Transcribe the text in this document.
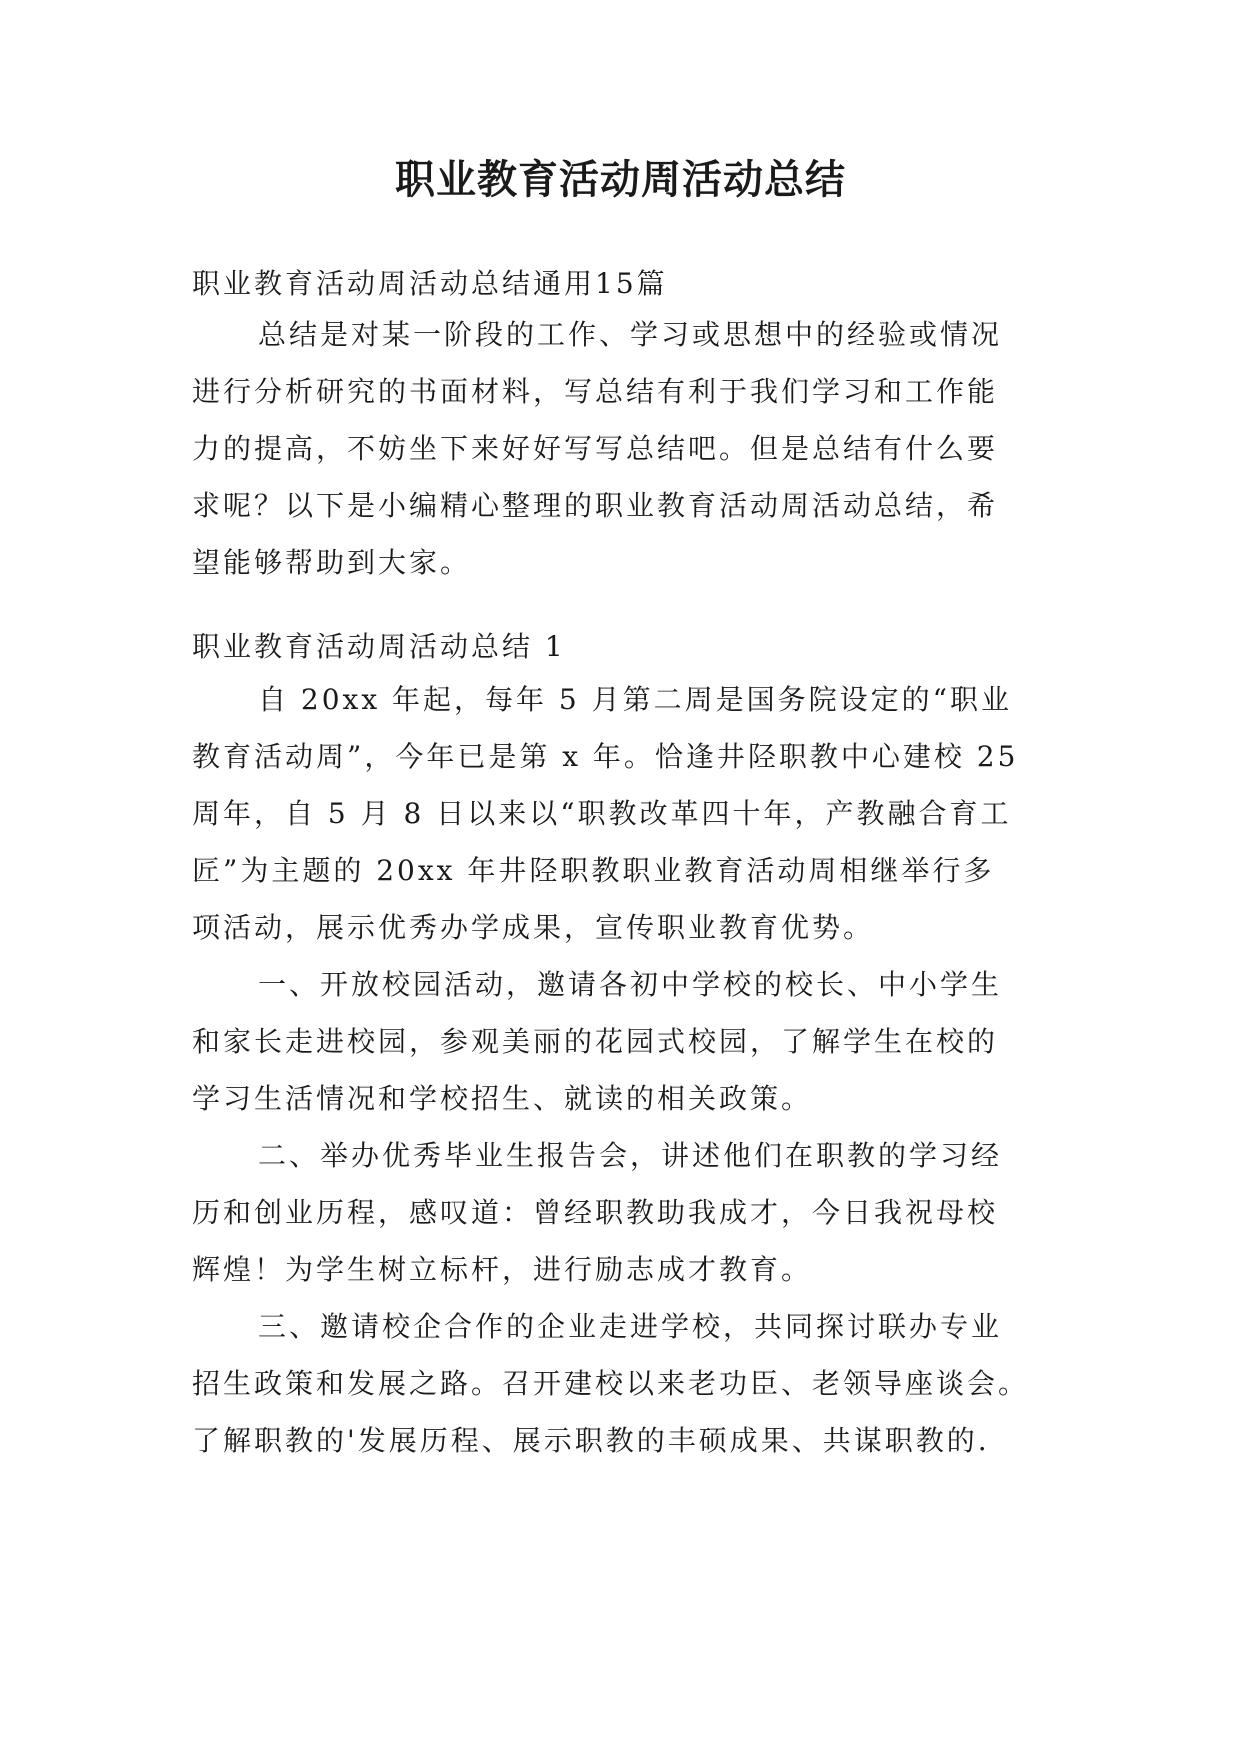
职业教育活动周活动总结

职业教育活动周活动总结通用15篇

总结是对某一阶段的工作、学习或思想中的经验或情况
进行分析研究的书面材料，写总结有利于我们学习和工作能
力的提高，不妨坐下来好好写写总结吧。但是总结有什么要
求呢？以下是小编精心整理的职业教育活动周活动总结，希
望能够帮助到大家。

职业教育活动周活动总结 1

自 20xx 年起，每年 5 月第二周是国务院设定的“职业
教育活动周”，今年已是第 x 年。恰逢井陉职教中心建校 25
周年，自 5 月 8 日以来以“职教改革四十年，产教融合育工
匠”为主题的 20xx 年井陉职教职业教育活动周相继举行多
项活动，展示优秀办学成果，宣传职业教育优势。

一、开放校园活动，邀请各初中学校的校长、中小学生
和家长走进校园，参观美丽的花园式校园，了解学生在校的
学习生活情况和学校招生、就读的相关政策。

二、举办优秀毕业生报告会，讲述他们在职教的学习经
历和创业历程，感叹道：曾经职教助我成才，今日我祝母校
辉煌！为学生树立标杆，进行励志成才教育。

三、邀请校企合作的企业走进学校，共同探讨联办专业
招生政策和发展之路。召开建校以来老功臣、老领导座谈会。
了解职教的'发展历程、展示职教的丰硕成果、共谋职教的.
